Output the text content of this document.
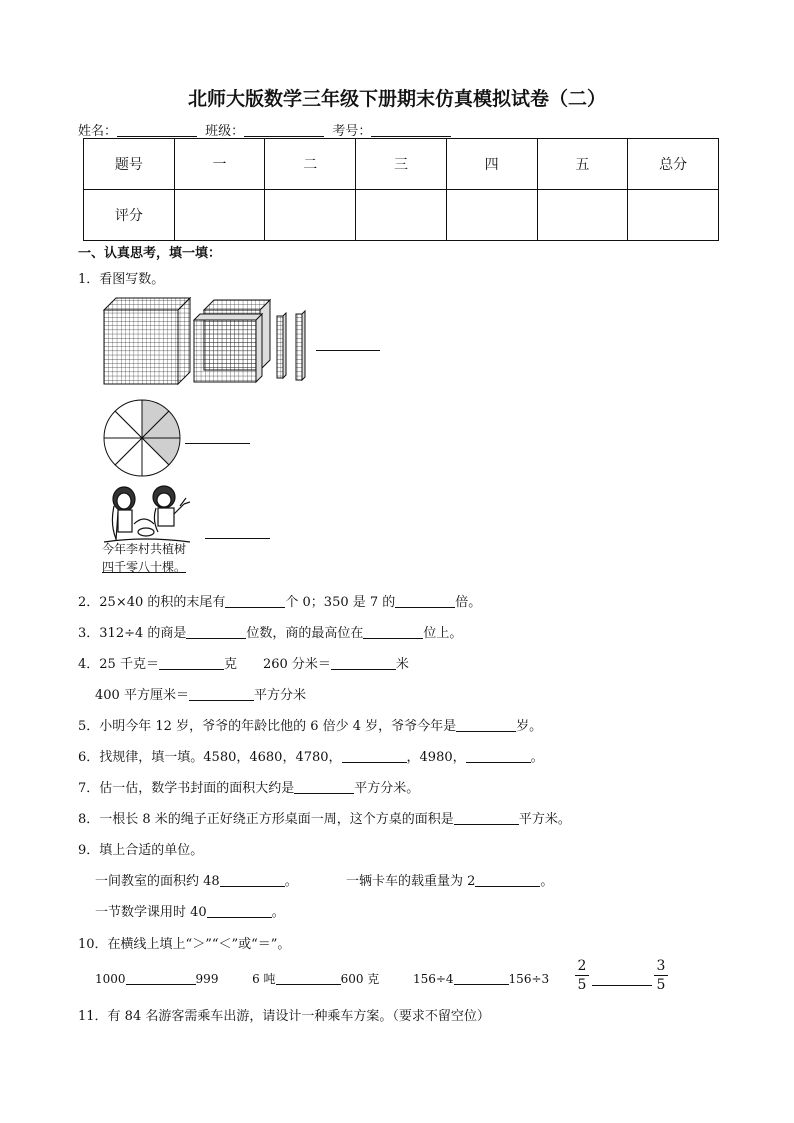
北师大版数学三年级下册期末仿真模拟试卷（二）
姓名：	班级：	考号：
题号	一	二	三	四	五	总分
评分						
一、认真思考，填一填：
1．看图写数。
今年李村共植树
四千零八十棵。
2．25×40 的积的末尾有	个 0；350 是 7 的	倍。
3．312÷4 的商是	位数，商的最高位在	位上。
4．25 千克＝	克　　260 分米＝	米
400 平方厘米＝	平方分米
5．小明今年 12 岁，爷爷的年龄比他的 6 倍少 4 岁，爷爷今年是	岁。
6．找规律，填一填。4580，4680，4780，	，4980，	。
7．估一估，数学书封面的面积大约是	平方分米。
8．一根长 8 米的绳子正好绕正方形桌面一周，这个方桌的面积是	平方米。
9．填上合适的单位。
一间教室的面积约 48	。	一辆卡车的载重量为 2	。
一节数学课用时 40	。
10．在横线上填上“＞”“＜”或“＝”。
1000	999	6 吨	600 克	156÷4	156÷3
2
5
3
5
11．有 84 名游客需乘车出游，请设计一种乘车方案。（要求不留空位）
